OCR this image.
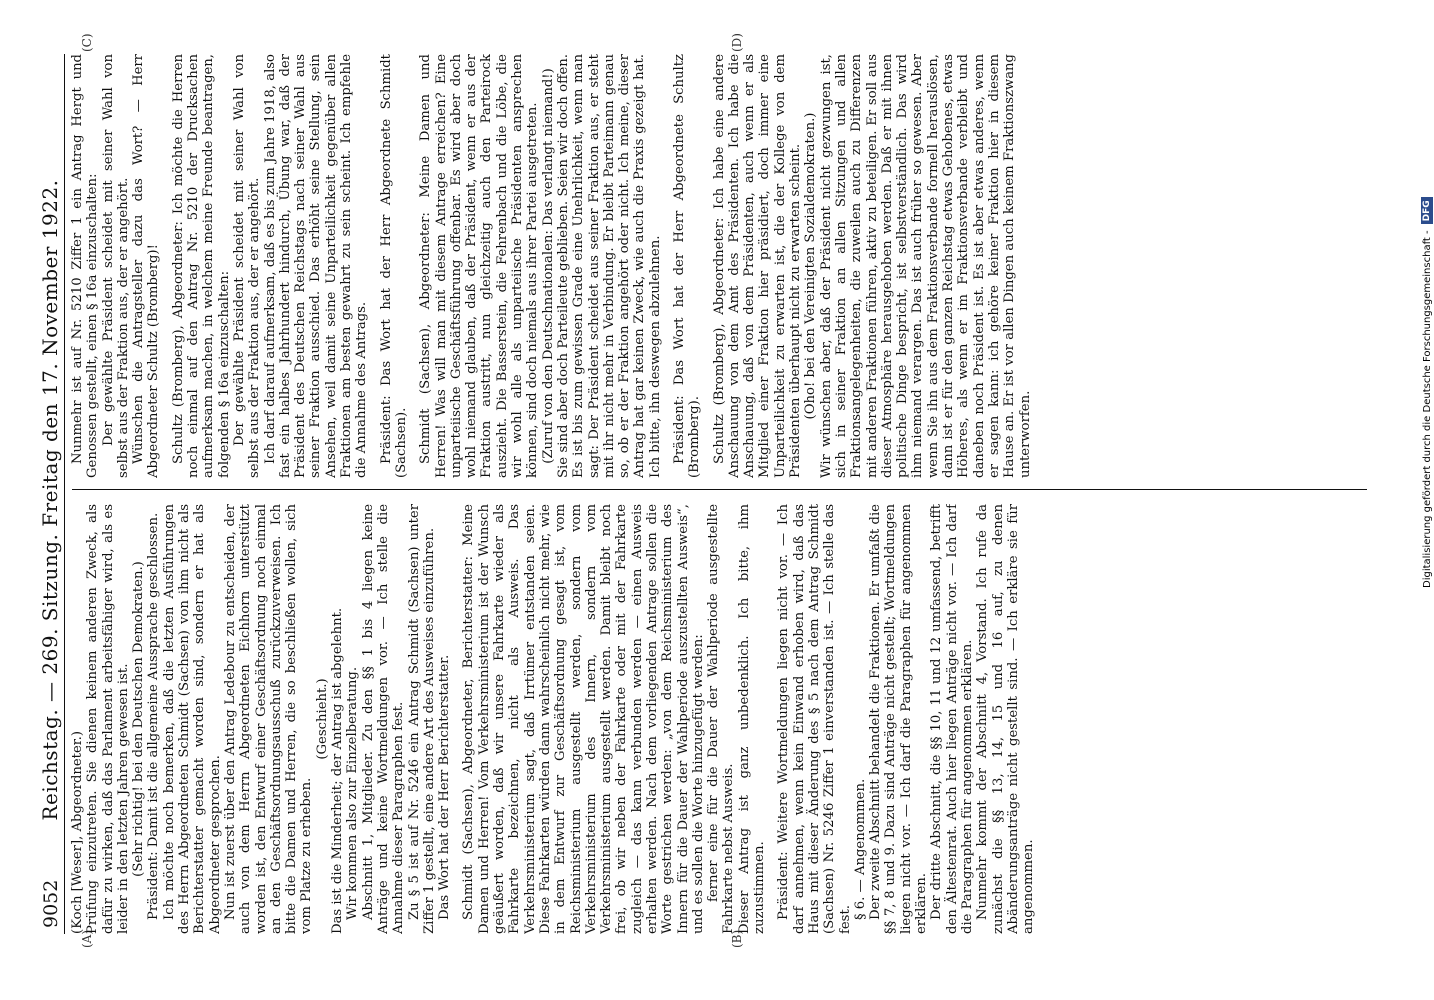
9052
Reichstag. — 269. Sitzung. Freitag den 17. November 1922.
(A)	(B)
(C)	(D)

(Koch [Weser], Abgeordneter.) Prüfung einzutreten. Sie dienen keinem anderen Zweck, als dafür zu wirken, daß das Parlament arbeitsfähiger wird, als es leider in den letzten Jahren gewesen ist. (Sehr richtig! bei den Deutschen Demokraten.) Präsident: Damit ist die allgemeine Aussprache geschlossen. Ich möchte noch bemerken, daß die letzten Ausführungen des Herrn Abgeordneten Schmidt (Sachsen) von ihm nicht als Berichterstatter gemacht worden sind, sondern er hat als Abgeordneter gesprochen. Nun ist zuerst über den Antrag Ledebour zu entscheiden, der auch von dem Herrn Abgeordneten Eichhorn unterstützt worden ist, den Entwurf einer Geschäftsordnung noch einmal an den Geschäftsordnungsausschuß zurückzuverweisen. Ich bitte die Damen und Herren, die so beschließen wollen, sich vom Platze zu erheben.

(Geschieht.) Das ist die Minderheit; der Antrag ist abgelehnt. Wir kommen also zur Einzelberatung. Abschnitt 1, Mitglieder. Zu den §§ 1 bis 4 liegen keine Anträge und keine Wortmeldungen vor. — Ich stelle die Annahme dieser Paragraphen fest. Zu § 5 ist auf Nr. 5246 ein Antrag Schmidt (Sachsen) unter Ziffer 1 gestellt, eine andere Art des Ausweises einzuführen. Das Wort hat der Herr Berichterstatter. Schmidt (Sachsen), Abgeordneter, Berichterstatter: Meine Damen und Herren! Vom Verkehrsministerium ist der Wunsch geäußert worden, daß wir unsere Fahrkarte wieder als Fahrkarte bezeichnen, nicht als Ausweis. Das Verkehrsministerium sagt, daß Irrtümer entstanden seien. Diese Fahrkarten würden dann wahrscheinlich nicht mehr, wie in dem Entwurf zur Geschäftsordnung gesagt ist, vom Reichsministerium ausgestellt werden, sondern vom Verkehrsministerium des Innern, sondern vom Verkehrsministerium ausgestellt werden. Damit bleibt noch frei, ob wir neben der Fahrkarte oder mit der Fahrkarte zugleich — das kann verbunden werden — einen Ausweis erhalten werden. Nach dem vorliegenden Antrage sollen die Worte gestrichen werden: „von dem Reichsministerium des Innern für die Dauer der Wahlperiode auszustellten Ausweis“, und es sollen die Worte hinzugefügt werden: ferner eine für die Dauer der Wahlperiode ausgestellte Fahrkarte nebst Ausweis. Dieser Antrag ist ganz unbedenklich. Ich bitte, ihm zuzustimmen. Präsident: Weitere Wortmeldungen liegen nicht vor. — Ich darf annehmen, wenn kein Einwand erhoben wird, daß das Haus mit dieser Änderung des § 5 nach dem Antrag Schmidt (Sachsen) Nr. 5246 Ziffer 1 einverstanden ist. — Ich stelle das fest. § 6. — Angenommen. Der zweite Abschnitt behandelt die Fraktionen. Er umfaßt die §§ 7, 8 und 9. Dazu sind Anträge nicht gestellt; Wortmeldungen liegen nicht vor. — Ich darf die Paragraphen für angenommen erklären. Der dritte Abschnitt, die §§ 10, 11 und 12 umfassend, betrifft den Ältestenrat. Auch hier liegen Anträge nicht vor. — Ich darf die Paragraphen für angenommen erklären. Nunmehr kommt der Abschnitt 4, Vorstand. Ich rufe da zunächst die §§ 13, 14, 15 und 16 auf, zu denen Abänderungsanträge nicht gestellt sind. — Ich erkläre sie für angenommen.

Nunmehr ist auf Nr. 5210 Ziffer 1 ein Antrag Hergt und Genossen gestellt, einen § 16a einzuschalten: Der gewählte Präsident scheidet mit seiner Wahl von selbst aus der Fraktion aus, der er angehört. Wünschen die Antragsteller dazu das Wort? — Herr Abgeordneter Schultz (Bromberg)! Schultz (Bromberg), Abgeordneter: Ich möchte die Herren noch einmal auf den Antrag Nr. 5210 der Drucksachen aufmerksam machen, in welchem meine Freunde beantragen, folgenden § 16a einzuschalten: Der gewählte Präsident scheidet mit seiner Wahl von selbst aus der Fraktion aus, der er angehört. Ich darf darauf aufmerksam, daß es bis zum Jahre 1918, also fast ein halbes Jahrhundert hindurch, Übung war, daß der Präsident des Deutschen Reichstags nach seiner Wahl aus seiner Fraktion ausschied. Das erhöht seine Stellung, sein Ansehen, weil damit seine Unparteilichkeit gegenüber allen Fraktionen am besten gewahrt zu sein scheint. Ich empfehle die Annahme des Antrags. Präsident: Das Wort hat der Herr Abgeordnete Schmidt (Sachsen). Schmidt (Sachsen), Abgeordneter: Meine Damen und Herren! Was will man mit diesem Antrage erreichen? Eine unparteiische Geschäftsführung offenbar. Es wird aber doch wohl niemand glauben, daß der Präsident, wenn er aus der Fraktion austritt, nun gleichzeitig auch den Parteirock auszieht. Die Basserstein, die Fehrenbach und die Löbe, die wir wohl alle als unparteiische Präsidenten ansprechen können, sind doch niemals aus ihrer Partei ausgetreten. (Zuruf von den Deutschnationalen: Das verlangt niemand!) Sie sind aber doch Parteileute geblieben. Seien wir doch offen. Es ist bis zum gewissen Grade eine Unehrlichkeit, wenn man sagt: Der Präsident scheidet aus seiner Fraktion aus, er steht mit ihr nicht mehr in Verbindung. Er bleibt Parteimann genau so, ob er der Fraktion angehört oder nicht. Ich meine, dieser Antrag hat gar keinen Zweck, wie auch die Praxis gezeigt hat. Ich bitte, ihn deswegen abzulehnen. Präsident: Das Wort hat der Herr Abgeordnete Schultz (Bromberg). Schultz (Bromberg), Abgeordneter: Ich habe eine andere Anschauung von dem Amt des Präsidenten. Ich habe die Anschauung, daß von dem Präsidenten, auch wenn er als Mitglied einer Fraktion hier präsidiert, doch immer eine Unparteilichkeit zu erwarten ist, die der Kollege von dem Präsidenten überhaupt nicht zu erwarten scheint. (Oho! bei den Vereinigten Sozialdemokraten.) Wir wünschen aber, daß der Präsident nicht gezwungen ist, sich in seiner Fraktion an allen Sitzungen und allen Fraktionsangelegenheiten, die zuweilen auch zu Differenzen mit anderen Fraktionen führen, aktiv zu beteiligen. Er soll aus dieser Atmosphäre herausgehoben werden. Daß er mit ihnen politische Dinge bespricht, ist selbstverständlich. Das wird ihm niemand verargen. Das ist auch früher so gewesen. Aber wenn Sie ihn aus dem Fraktionsverbande formell herauslösen, dann ist er für den ganzen Reichstag etwas Gehobenes, etwas Höheres, als wenn er im Fraktionsverbande verbleibt und daneben noch Präsident ist. Es ist aber etwas anderes, wenn er sagen kann: ich gehöre keiner Fraktion hier in diesem Hause an. Er ist vor allen Dingen auch keinem Fraktionszwang unterworfen.	Digitalisierung gefördert durch die Deutsche Forschungsgemeinschaft -
DFG
